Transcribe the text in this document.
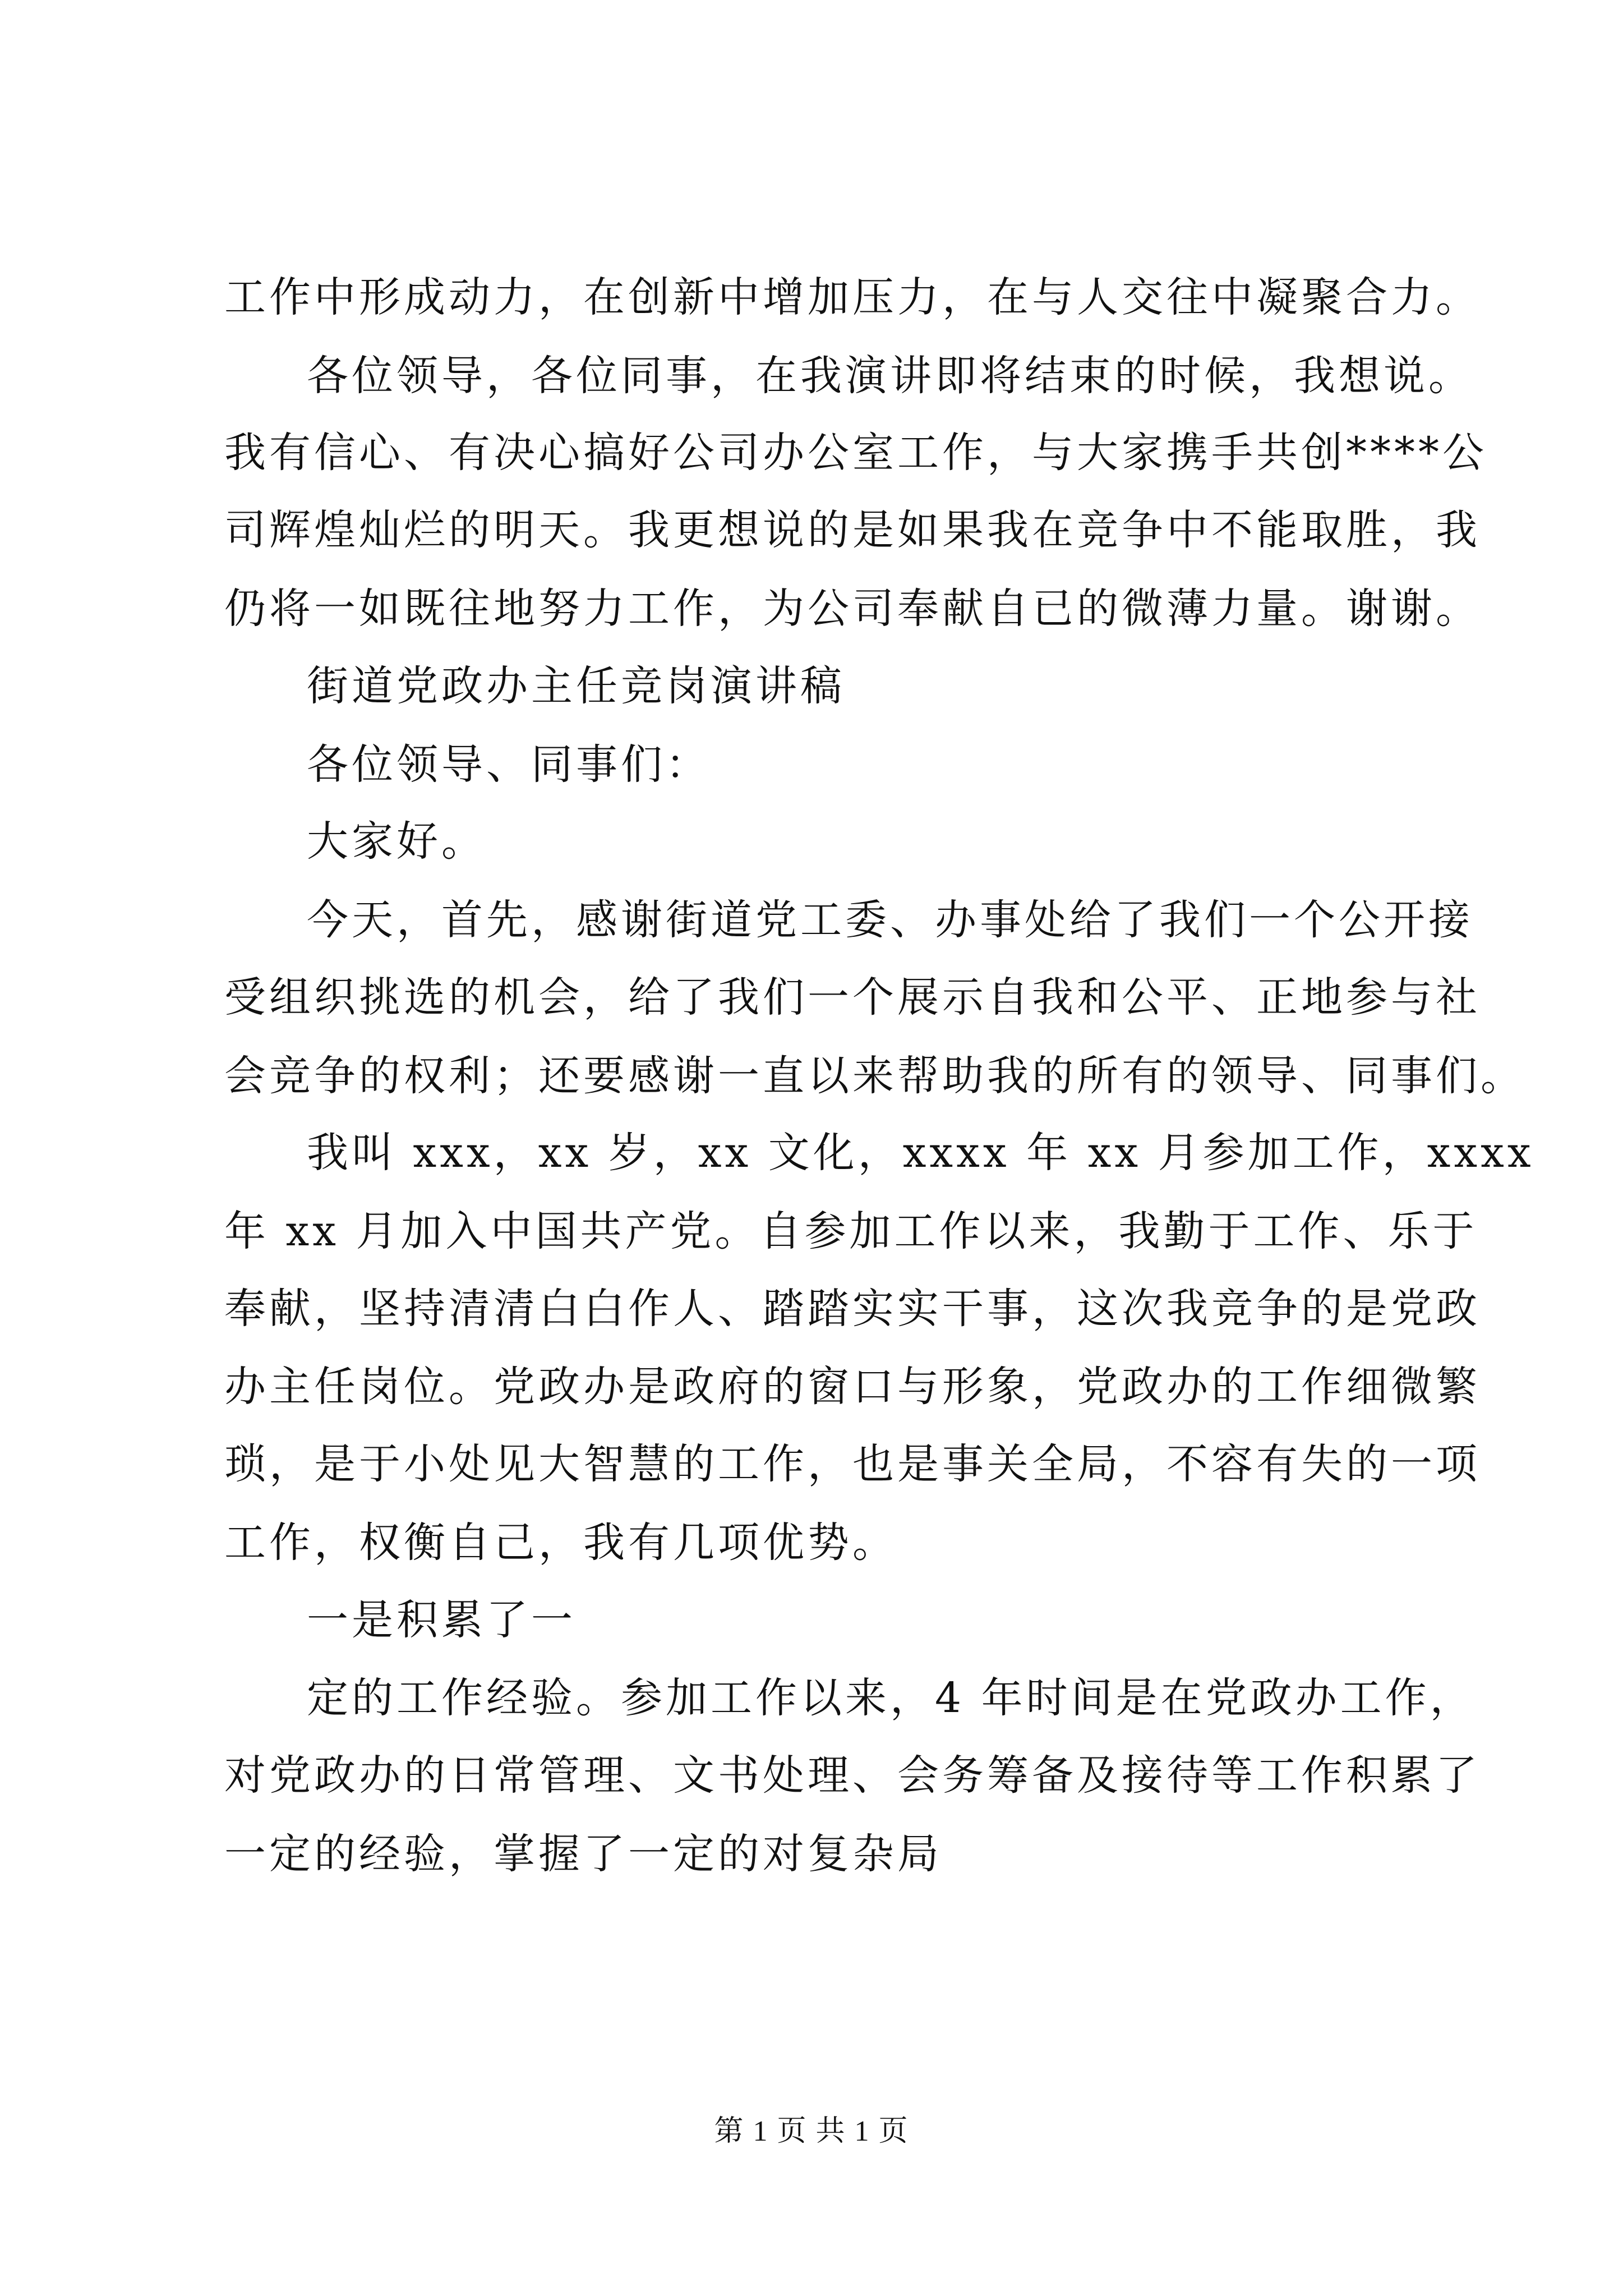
工作中形成动力，在创新中增加压力，在与人交往中凝聚合力。

各位领导，各位同事，在我演讲即将结束的时候，我想说。

我有信心、有决心搞好公司办公室工作，与大家携手共创****公

司辉煌灿烂的明天。我更想说的是如果我在竞争中不能取胜，我

仍将一如既往地努力工作，为公司奉献自已的微薄力量。谢谢。

街道党政办主任竞岗演讲稿

各位领导、同事们：

大家好。

今天，首先，感谢街道党工委、办事处给了我们一个公开接

受组织挑选的机会，给了我们一个展示自我和公平、正地参与社

会竞争的权利；还要感谢一直以来帮助我的所有的领导、同事们。

我叫 xxx，xx 岁，xx 文化，xxxx 年 xx 月参加工作，xxxx

年 xx 月加入中国共产党。自参加工作以来，我勤于工作、乐于

奉献，坚持清清白白作人、踏踏实实干事，这次我竞争的是党政

办主任岗位。党政办是政府的窗口与形象，党政办的工作细微繁

琐，是于小处见大智慧的工作，也是事关全局，不容有失的一项

工作，权衡自己，我有几项优势。

一是积累了一

定的工作经验。参加工作以来，4 年时间是在党政办工作，

对党政办的日常管理、文书处理、会务筹备及接待等工作积累了

一定的经验，掌握了一定的对复杂局

第 1 页 共 1 页
